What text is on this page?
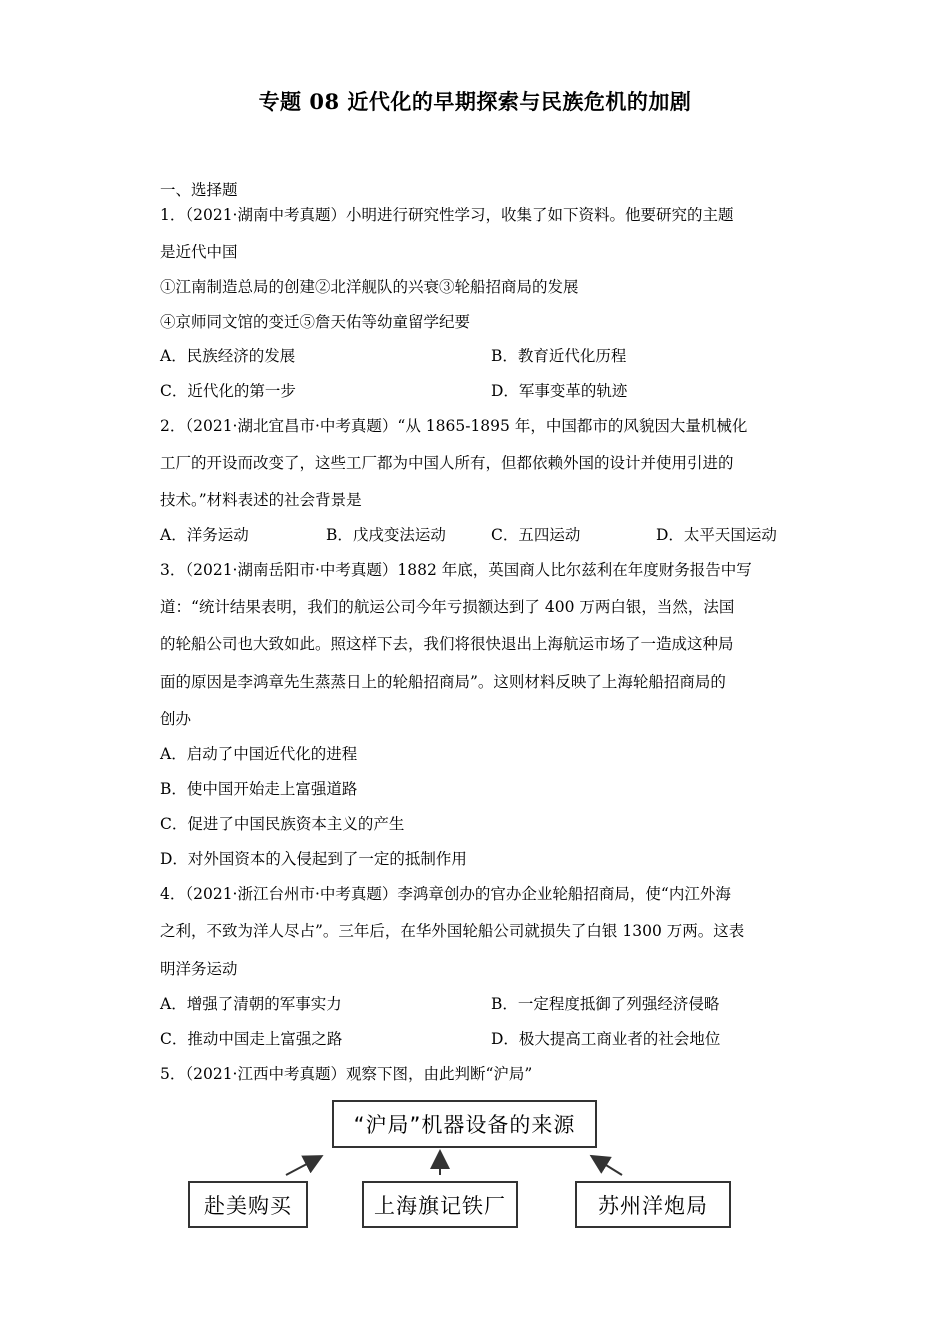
专题 08 近代化的早期探索与民族危机的加剧
一、选择题
1．（2021·湖南中考真题）小明进行研究性学习，收集了如下资料。他要研究的主题
是近代中国
①江南制造总局的创建②北洋舰队的兴衰③轮船招商局的发展
④京师同文馆的变迁⑤詹天佑等幼童留学纪要
A．民族经济的发展	B．教育近代化历程
C．近代化的第一步	D．军事变革的轨迹
2．（2021·湖北宜昌市·中考真题）“从 1865-1895 年，中国都市的风貌因大量机械化
工厂的开设而改变了，这些工厂都为中国人所有，但都依赖外国的设计并使用引进的
技术。”材料表述的社会背景是
A．洋务运动	B．戊戌变法运动	C．五四运动	D．太平天国运动
3．（2021·湖南岳阳市·中考真题）1882 年底，英国商人比尔兹利在年度财务报告中写
道：“统计结果表明，我们的航运公司今年亏损额达到了 400 万两白银，当然，法国
的轮船公司也大致如此。照这样下去，我们将很快退出上海航运市场了一造成这种局
面的原因是李鸿章先生蒸蒸日上的轮船招商局”。这则材料反映了上海轮船招商局的
创办
A．启动了中国近代化的进程
B．使中国开始走上富强道路
C．促进了中国民族资本主义的产生
D．对外国资本的入侵起到了一定的抵制作用
4．（2021·浙江台州市·中考真题）李鸿章创办的官办企业轮船招商局，使“内江外海
之利，不致为洋人尽占”。三年后，在华外国轮船公司就损失了白银 1300 万两。这表
明洋务运动
A．增强了清朝的军事实力	B．一定程度抵御了列强经济侵略
C．推动中国走上富强之路	D．极大提高工商业者的社会地位
5．（2021·江西中考真题）观察下图，由此判断“沪局”
“沪局”机器设备的来源
赴美购买	上海旗记铁厂	苏州洋炮局
